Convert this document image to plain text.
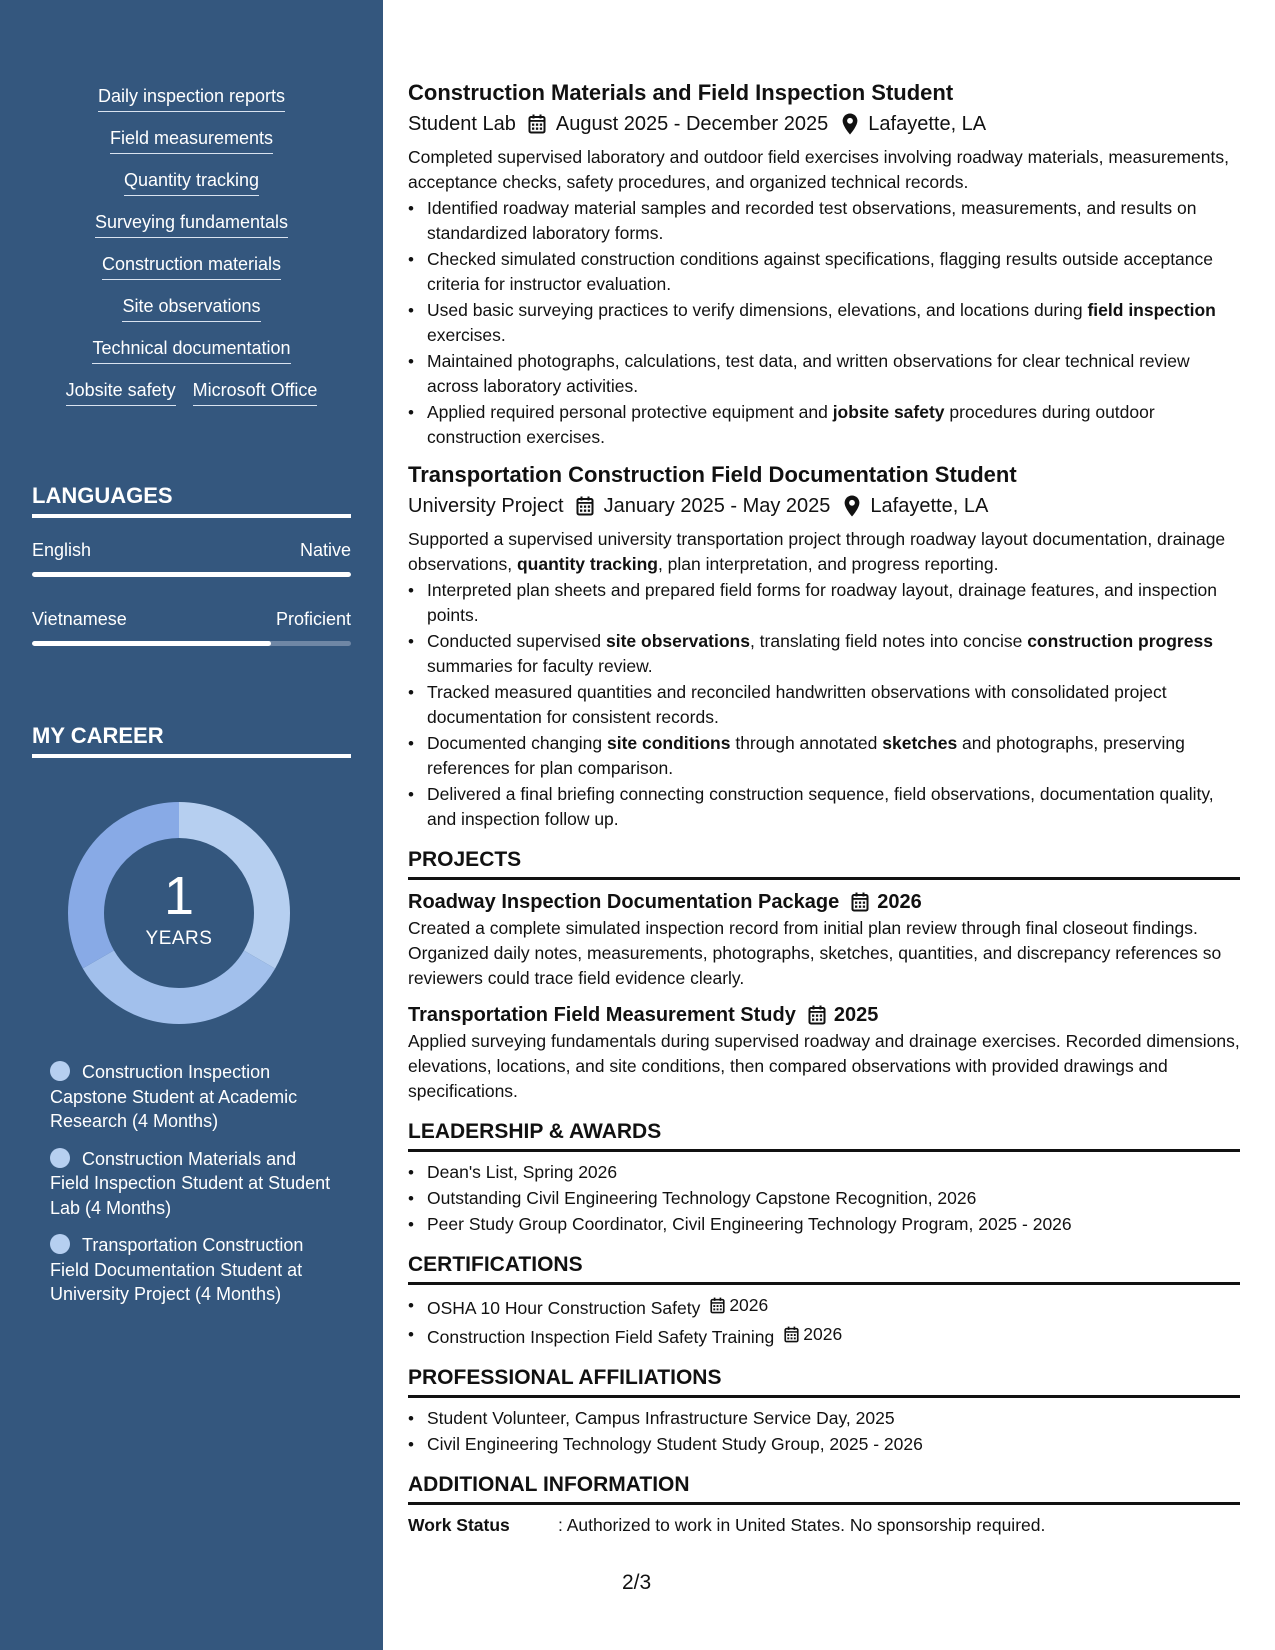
Daily inspection reports
Field measurements
Quantity tracking
Surveying fundamentals
Construction materials
Site observations
Technical documentation
Jobsite safety Microsoft Office
LANGUAGES
English	Native
Vietnamese	Proficient
MY CAREER
1
YEARS
Construction Inspection Capstone Student at Academic Research (4 Months)
Construction Materials and Field Inspection Student at Student Lab (4 Months)
Transportation Construction Field Documentation Student at University Project (4 Months)
Construction Materials and Field Inspection Student
Student Lab August 2025 - December 2025 Lafayette, LA
Completed supervised laboratory and outdoor field exercises involving roadway materials, measurements, acceptance checks, safety procedures, and organized technical records.
• Identified roadway material samples and recorded test observations, measurements, and results on standardized laboratory forms.
• Checked simulated construction conditions against specifications, flagging results outside acceptance criteria for instructor evaluation.
• Used basic surveying practices to verify dimensions, elevations, and locations during field inspection exercises.
• Maintained photographs, calculations, test data, and written observations for clear technical review across laboratory activities.
• Applied required personal protective equipment and jobsite safety procedures during outdoor construction exercises.
Transportation Construction Field Documentation Student
University Project January 2025 - May 2025 Lafayette, LA
Supported a supervised university transportation project through roadway layout documentation, drainage observations, quantity tracking, plan interpretation, and progress reporting.
• Interpreted plan sheets and prepared field forms for roadway layout, drainage features, and inspection points.
• Conducted supervised site observations, translating field notes into concise construction progress summaries for faculty review.
• Tracked measured quantities and reconciled handwritten observations with consolidated project documentation for consistent records.
• Documented changing site conditions through annotated sketches and photographs, preserving references for plan comparison.
• Delivered a final briefing connecting construction sequence, field observations, documentation quality, and inspection follow up.
PROJECTS
Roadway Inspection Documentation Package 2026
Created a complete simulated inspection record from initial plan review through final closeout findings. Organized daily notes, measurements, photographs, sketches, quantities, and discrepancy references so reviewers could trace field evidence clearly.
Transportation Field Measurement Study 2025
Applied surveying fundamentals during supervised roadway and drainage exercises. Recorded dimensions, elevations, locations, and site conditions, then compared observations with provided drawings and specifications.
LEADERSHIP & AWARDS
• Dean's List, Spring 2026
• Outstanding Civil Engineering Technology Capstone Recognition, 2026
• Peer Study Group Coordinator, Civil Engineering Technology Program, 2025 - 2026
CERTIFICATIONS
• OSHA 10 Hour Construction Safety 2026
• Construction Inspection Field Safety Training 2026
PROFESSIONAL AFFILIATIONS
• Student Volunteer, Campus Infrastructure Service Day, 2025
• Civil Engineering Technology Student Study Group, 2025 - 2026
ADDITIONAL INFORMATION
Work Status	: Authorized to work in United States. No sponsorship required.
2/3
